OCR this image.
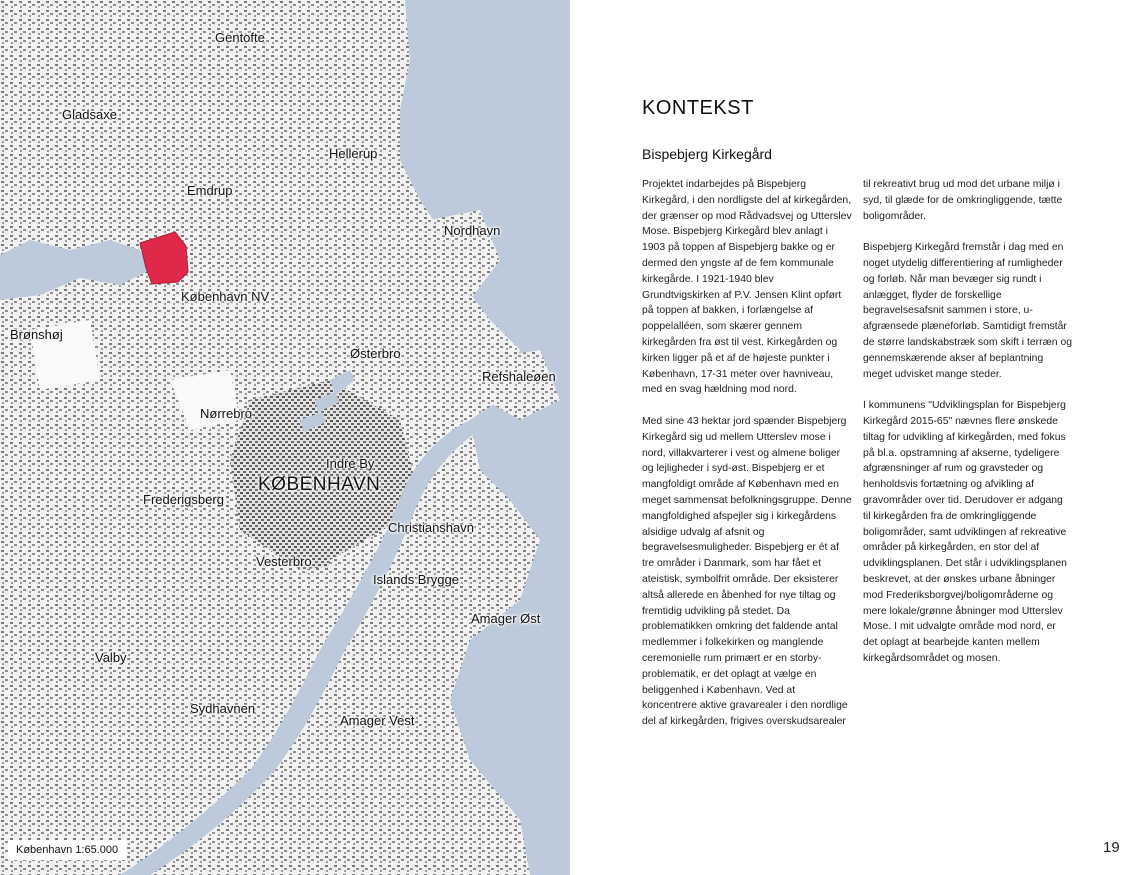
Gentofte
Gladsaxe
Hellerup
Emdrup
Nordhavn
København NV
Brønshøj
Østerbro
Refshaleøen
Nørrebro
Indre By
KØBENHAVN
Frederigsberg
Christianshavn
Vesterbro
Islands Brygge
Amager Øst
Valby
Sydhavnen
Amager Vest
København 1:65.000
KONTEKST
Bispebjerg Kirkegård

Projektet indarbejdes på Bispebjerg Kirkegård, i den nordligste del af kirkegården, der grænser op mod Rådvadsvej og Utterslev Mose. Bispebjerg Kirkegård blev anlagt i 1903 på toppen af Bispebjerg bakke og er dermed den yngste af de fem kommunale kirkegårde. I 1921-1940 blev Grundtvigskirken af P.V. Jensen Klint opført på toppen af bakken, i forlængelse af poppelalléen, som skærer gennem kirkegården fra øst til vest. Kirkegården og kirken ligger på et af de højeste punkter i København, 17-31 meter over havniveau, med en svag hældning mod nord.

Med sine 43 hektar jord spænder Bispebjerg Kirkegård sig ud mellem Utterslev mose i nord, villakvarterer i vest og almene boliger og lejligheder i syd-øst. Bispebjerg er et mangfoldigt område af København med en meget sammensat befolkningsgruppe. Denne mangfoldighed afspejler sig i kirkegårdens alsidige udvalg af afsnit og begravelsesmuligheder. Bispebjerg er ét af tre områder i Danmark, som har fået et ateistisk, symbolfrit område. Der eksisterer altså allerede en åbenhed for nye tiltag og fremtidig udvikling på stedet. Da problematikken omkring det faldende antal medlemmer i folkekirken og manglende ceremonielle rum primært er en storby-problematik, er det oplagt at vælge en beliggenhed i København. Ved at koncentrere aktive gravarealer i den nordlige del af kirkegården, frigives overskudsarealer

til rekreativt brug ud mod det urbane miljø i syd, til glæde for de omkringliggende, tætte boligområder.

Bispebjerg Kirkegård fremstår i dag med en noget utydelig differentiering af rumligheder og forløb. Når man bevæger sig rundt i anlægget, flyder de forskellige begravelsesafsnit sammen i store, u-afgrænsede plæneforløb. Samtidigt fremstår de større landskabstræk som skift i terræn og gennemskærende akser af beplantning meget udvisket mange steder.

I kommunens "Udviklingsplan for Bispebjerg Kirkegård 2015-65" nævnes flere ønskede tiltag for udvikling af kirkegården, med fokus på bl.a. opstramning af akserne, tydeligere afgrænsninger af rum og gravsteder og henholdsvis fortætning og afvikling af gravområder over tid. Derudover er adgang til kirkegården fra de omkringliggende boligområder, samt udviklingen af rekreative områder på kirkegården, en stor del af udviklingsplanen. Det står i udviklingsplanen beskrevet, at der ønskes urbane åbninger mod Frederiksborgvej/boligområderne og mere lokale/grønne åbninger mod Utterslev Mose. I mit udvalgte område mod nord, er det oplagt at bearbejde kanten mellem kirkegårdsområdet og mosen.

19
